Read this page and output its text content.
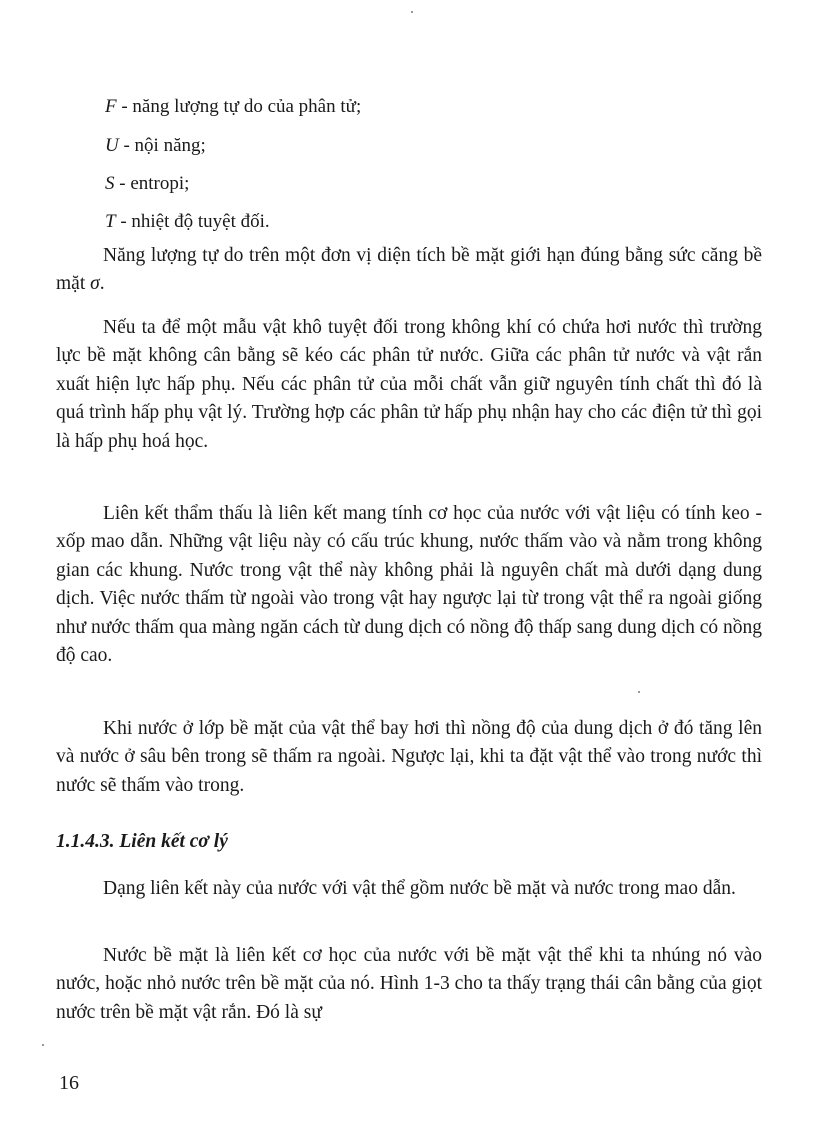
F - năng lượng tự do của phân tử;
U - nội năng;
S - entropi;
T - nhiệt độ tuyệt đối.

Năng lượng tự do trên một đơn vị diện tích bề mặt giới hạn đúng bằng sức căng bề mặt σ.

Nếu ta để một mẫu vật khô tuyệt đối trong không khí có chứa hơi nước thì trường lực bề mặt không cân bằng sẽ kéo các phân tử nước. Giữa các phân tử nước và vật rắn xuất hiện lực hấp phụ. Nếu các phân tử của mỗi chất vẫn giữ nguyên tính chất thì đó là quá trình hấp phụ vật lý. Trường hợp các phân tử hấp phụ nhận hay cho các điện tử thì gọi là hấp phụ hoá học.

Liên kết thẩm thấu là liên kết mang tính cơ học của nước với vật liệu có tính keo - xốp mao dẫn. Những vật liệu này có cấu trúc khung, nước thấm vào và nằm trong không gian các khung. Nước trong vật thể này không phải là nguyên chất mà dưới dạng dung dịch. Việc nước thấm từ ngoài vào trong vật hay ngược lại từ trong vật thể ra ngoài giống như nước thấm qua màng ngăn cách từ dung dịch có nồng độ thấp sang dung dịch có nồng độ cao.

Khi nước ở lớp bề mặt của vật thể bay hơi thì nồng độ của dung dịch ở đó tăng lên và nước ở sâu bên trong sẽ thấm ra ngoài. Ngược lại, khi ta đặt vật thể vào trong nước thì nước sẽ thấm vào trong.

1.1.4.3. Liên kết cơ lý

Dạng liên kết này của nước với vật thể gồm nước bề mặt và nước trong mao dẫn.

Nước bề mặt là liên kết cơ học của nước với bề mặt vật thể khi ta nhúng nó vào nước, hoặc nhỏ nước trên bề mặt của nó. Hình 1-3 cho ta thấy trạng thái cân bằng của giọt nước trên bề mặt vật rắn. Đó là sự

16
